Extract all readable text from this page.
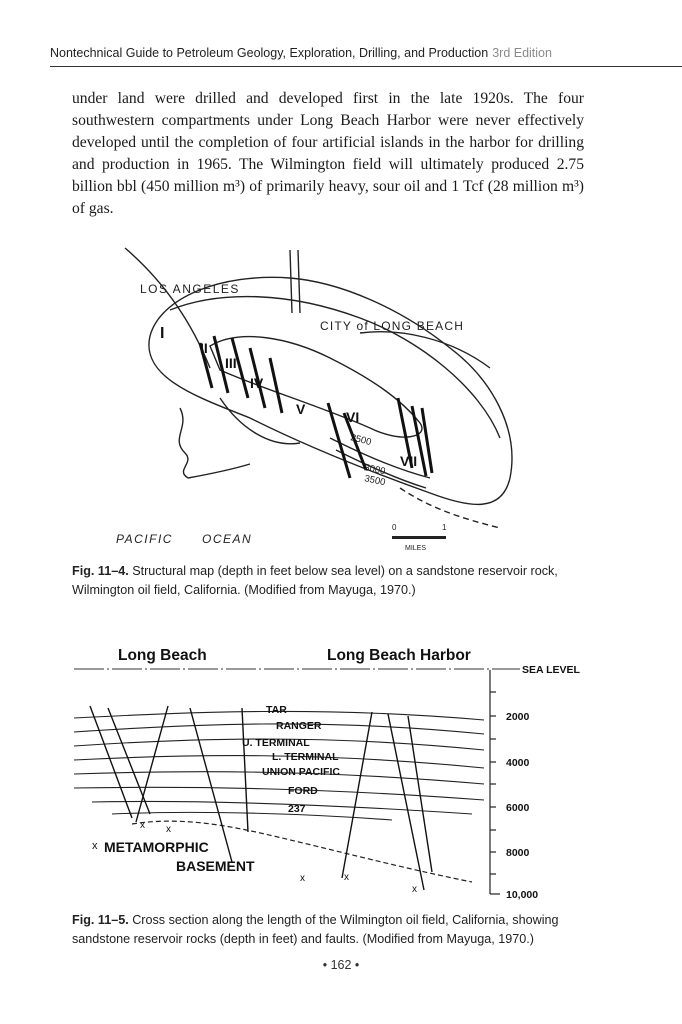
Nontechnical Guide to Petroleum Geology, Exploration, Drilling, and Production 3rd Edition

under land were drilled and developed first in the late 1920s. The four southwestern compartments under Long Beach Harbor were never effectively developed until the completion of four artificial islands in the harbor for drilling and production in 1965. The Wilmington field will ultimately produced 2.75 billion bbl (450 million m³) of primarily heavy, sour oil and 1 Tcf (28 million m³) of gas.

LOS ANGELES
CITY of LONG BEACH
PACIFIC OCEAN
I
II
III
IV
V	VI
VII
2500
3000
3500
0	1
MILES
Fig. 11–4. Structural map (depth in feet below sea level) on a sandstone reservoir rock, Wilmington oil field, California. (Modified from Mayuga, 1970.)
Long Beach	Long Beach Harbor
SEA LEVEL
2000
4000
6000
8000
10,000
TAR
RANGER
U. TERMINAL
L. TERMINAL
UNION PACIFIC
FORD
237
x METAMORPHIC
BASEMENT
x x
x	x
x
Fig. 11–5. Cross section along the length of the Wilmington oil field, California, showing sandstone reservoir rocks (depth in feet) and faults. (Modified from Mayuga, 1970.)
• 162 •
